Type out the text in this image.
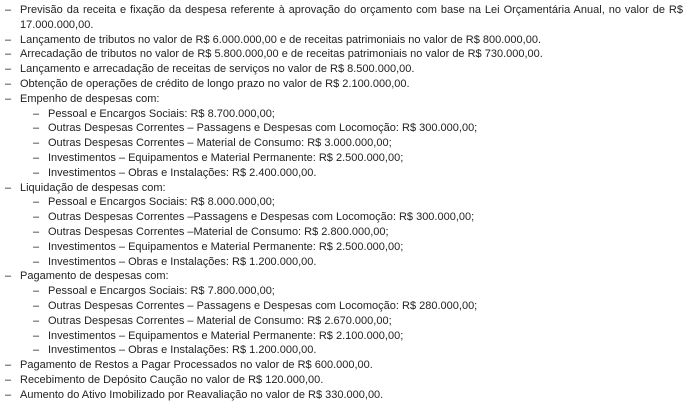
– Previsão da receita e fixação da despesa referente à aprovação do orçamento com base na Lei Orçamentária Anual, no valor de R$ 17.000.000,00.
– Lançamento de tributos no valor de R$ 6.000.000,00 e de receitas patrimoniais no valor de R$ 800.000,00.
– Arrecadação de tributos no valor de R$ 5.800.000,00 e de receitas patrimoniais no valor de R$ 730.000,00.
– Lançamento e arrecadação de receitas de serviços no valor de R$ 8.500.000,00.
– Obtenção de operações de crédito de longo prazo no valor de R$ 2.100.000,00.
– Empenho de despesas com:
– Pessoal e Encargos Sociais: R$ 8.700.000,00;
– Outras Despesas Correntes – Passagens e Despesas com Locomoção: R$ 300.000,00;
– Outras Despesas Correntes – Material de Consumo: R$ 3.000.000,00;
– Investimentos – Equipamentos e Material Permanente: R$ 2.500.000,00;
– Investimentos – Obras e Instalações: R$ 2.400.000,00.
– Liquidação de despesas com:
– Pessoal e Encargos Sociais: R$ 8.000.000,00;
– Outras Despesas Correntes –Passagens e Despesas com Locomoção: R$ 300.000,00;
– Outras Despesas Correntes –Material de Consumo: R$ 2.800.000,00;
– Investimentos – Equipamentos e Material Permanente: R$ 2.500.000,00;
– Investimentos – Obras e Instalações: R$ 1.200.000,00.
– Pagamento de despesas com:
– Pessoal e Encargos Sociais: R$ 7.800.000,00;
– Outras Despesas Correntes – Passagens e Despesas com Locomoção: R$ 280.000,00;
– Outras Despesas Correntes – Material de Consumo: R$ 2.670.000,00;
– Investimentos – Equipamentos e Material Permanente: R$ 2.100.000,00;
– Investimentos – Obras e Instalações: R$ 1.200.000,00.
– Pagamento de Restos a Pagar Processados no valor de R$ 600.000,00.
– Recebimento de Depósito Caução no valor de R$ 120.000,00.
– Aumento do Ativo Imobilizado por Reavaliação no valor de R$ 330.000,00.
